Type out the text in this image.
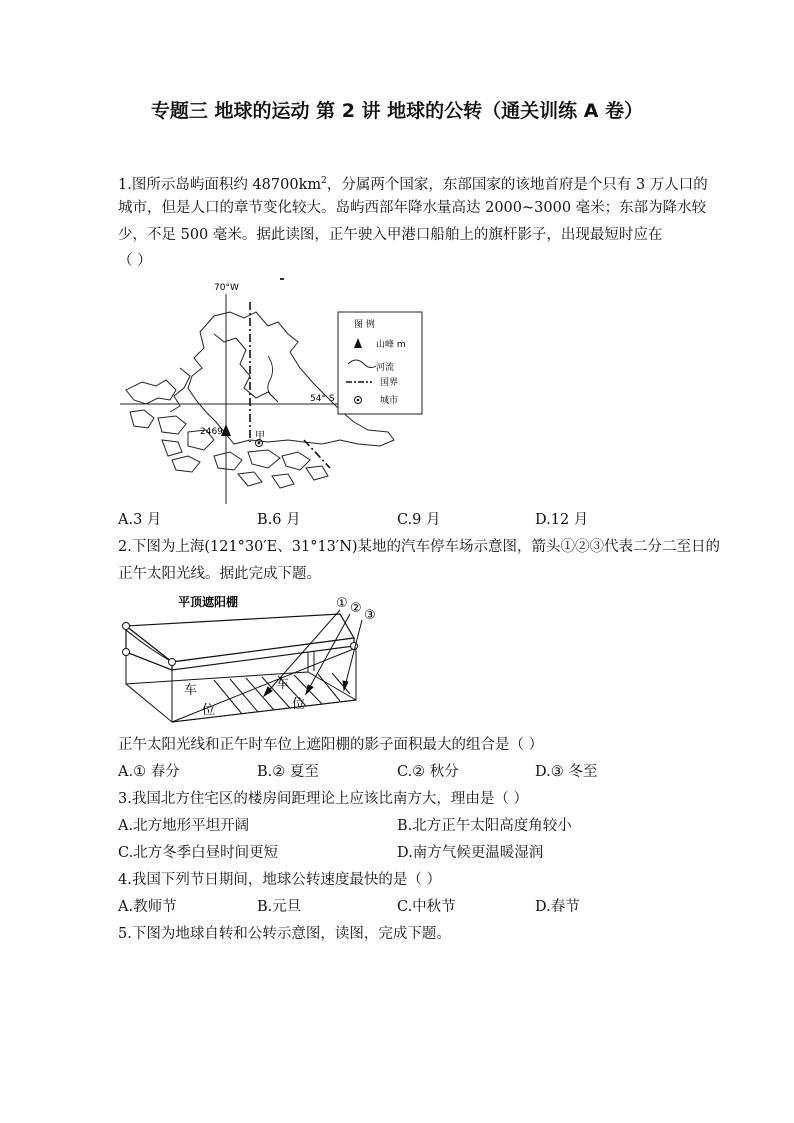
专题三 地球的运动 第 2 讲 地球的公转（通关训练 A 卷）
1.图所示岛屿面积约 $48700km^2$，分属两个国家，东部国家的该地首府是个只有 3 万人口的
城市，但是人口的章节变化较大。岛屿西部年降水量高达 2000~3000 毫米；东部为降水较
少，不足 500 毫米。据此读图，正午驶入甲港口船舶上的旗杆影子，出现最短时应在
（ ）
70°W
54° S
2469	甲
图 例
山峰 m
河流
国界
城市
A.3 月	B.6 月	C.9 月	D.12 月
2.下图为上海(121°30′E、31°13′N)某地的汽车停车场示意图，箭头①②③代表二分二至日的
正午太阳光线。据此完成下题。
平顶遮阳棚	① ② ③
车
位
车
位
正午太阳光线和正午时车位上遮阳棚的影子面积最大的组合是（ ）
A.① 春分	B.② 夏至	C.② 秋分	D.③ 冬至
3.我国北方住宅区的楼房间距理论上应该比南方大，理由是（ ）
A.北方地形平坦开阔	B.北方正午太阳高度角较小
C.北方冬季白昼时间更短	D.南方气候更温暖湿润
4.我国下列节日期间，地球公转速度最快的是（ ）
A.教师节	B.元旦	C.中秋节	D.春节
5.下图为地球自转和公转示意图，读图，完成下题。
